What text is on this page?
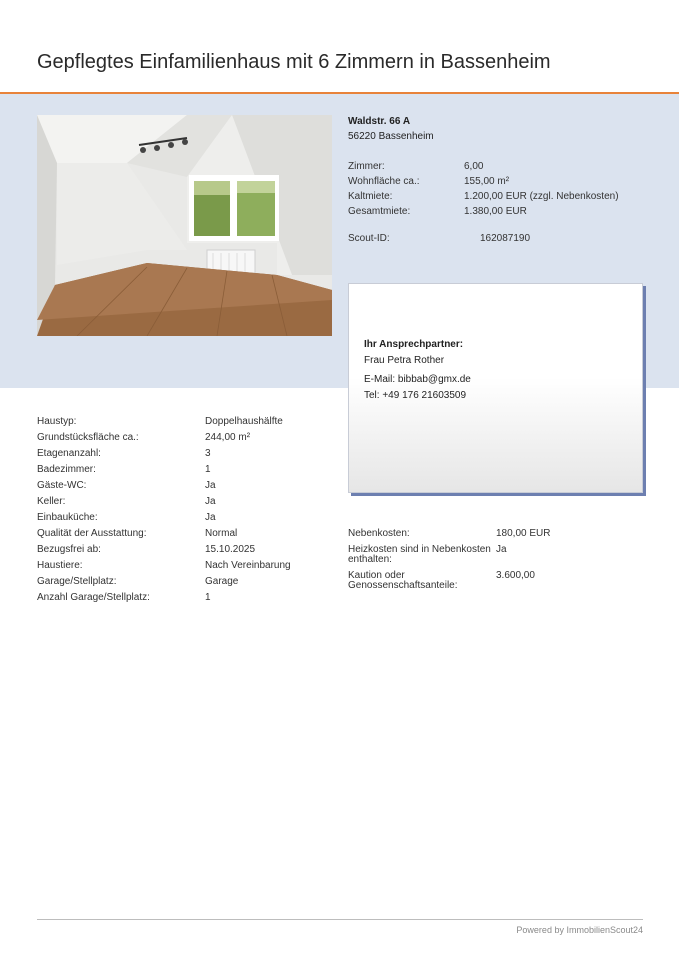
Gepflegtes Einfamilienhaus mit 6 Zimmern in Bassenheim
Waldstr. 66 A
56220 Bassenheim
Zimmer:	6,00
Wohnfläche ca.:	155,00 m²
Kaltmiete:	1.200,00 EUR (zzgl. Nebenkosten)
Gesamtmiete:	1.380,00 EUR
Scout-ID:	162087190
Ihr Ansprechpartner:
Frau Petra Rother
E-Mail: bibbab@gmx.de
Tel: +49 176 21603509
Haustyp:	Doppelhaushälfte
Grundstücksfläche ca.:	244,00 m²
Etagenanzahl:	3
Badezimmer:	1
Gäste-WC:	Ja
Keller:	Ja
Einbauküche:	Ja
Qualität der Ausstattung:	Normal
Bezugsfrei ab:	15.10.2025
Haustiere:	Nach Vereinbarung
Garage/Stellplatz:	Garage
Anzahl Garage/Stellplatz:	1
Nebenkosten:	180,00 EUR
Heizkosten sind in Nebenkosten
enthalten:
Ja
Kaution oder
Genossenschaftsanteile:
3.600,00
Powered by ImmobilienScout24
